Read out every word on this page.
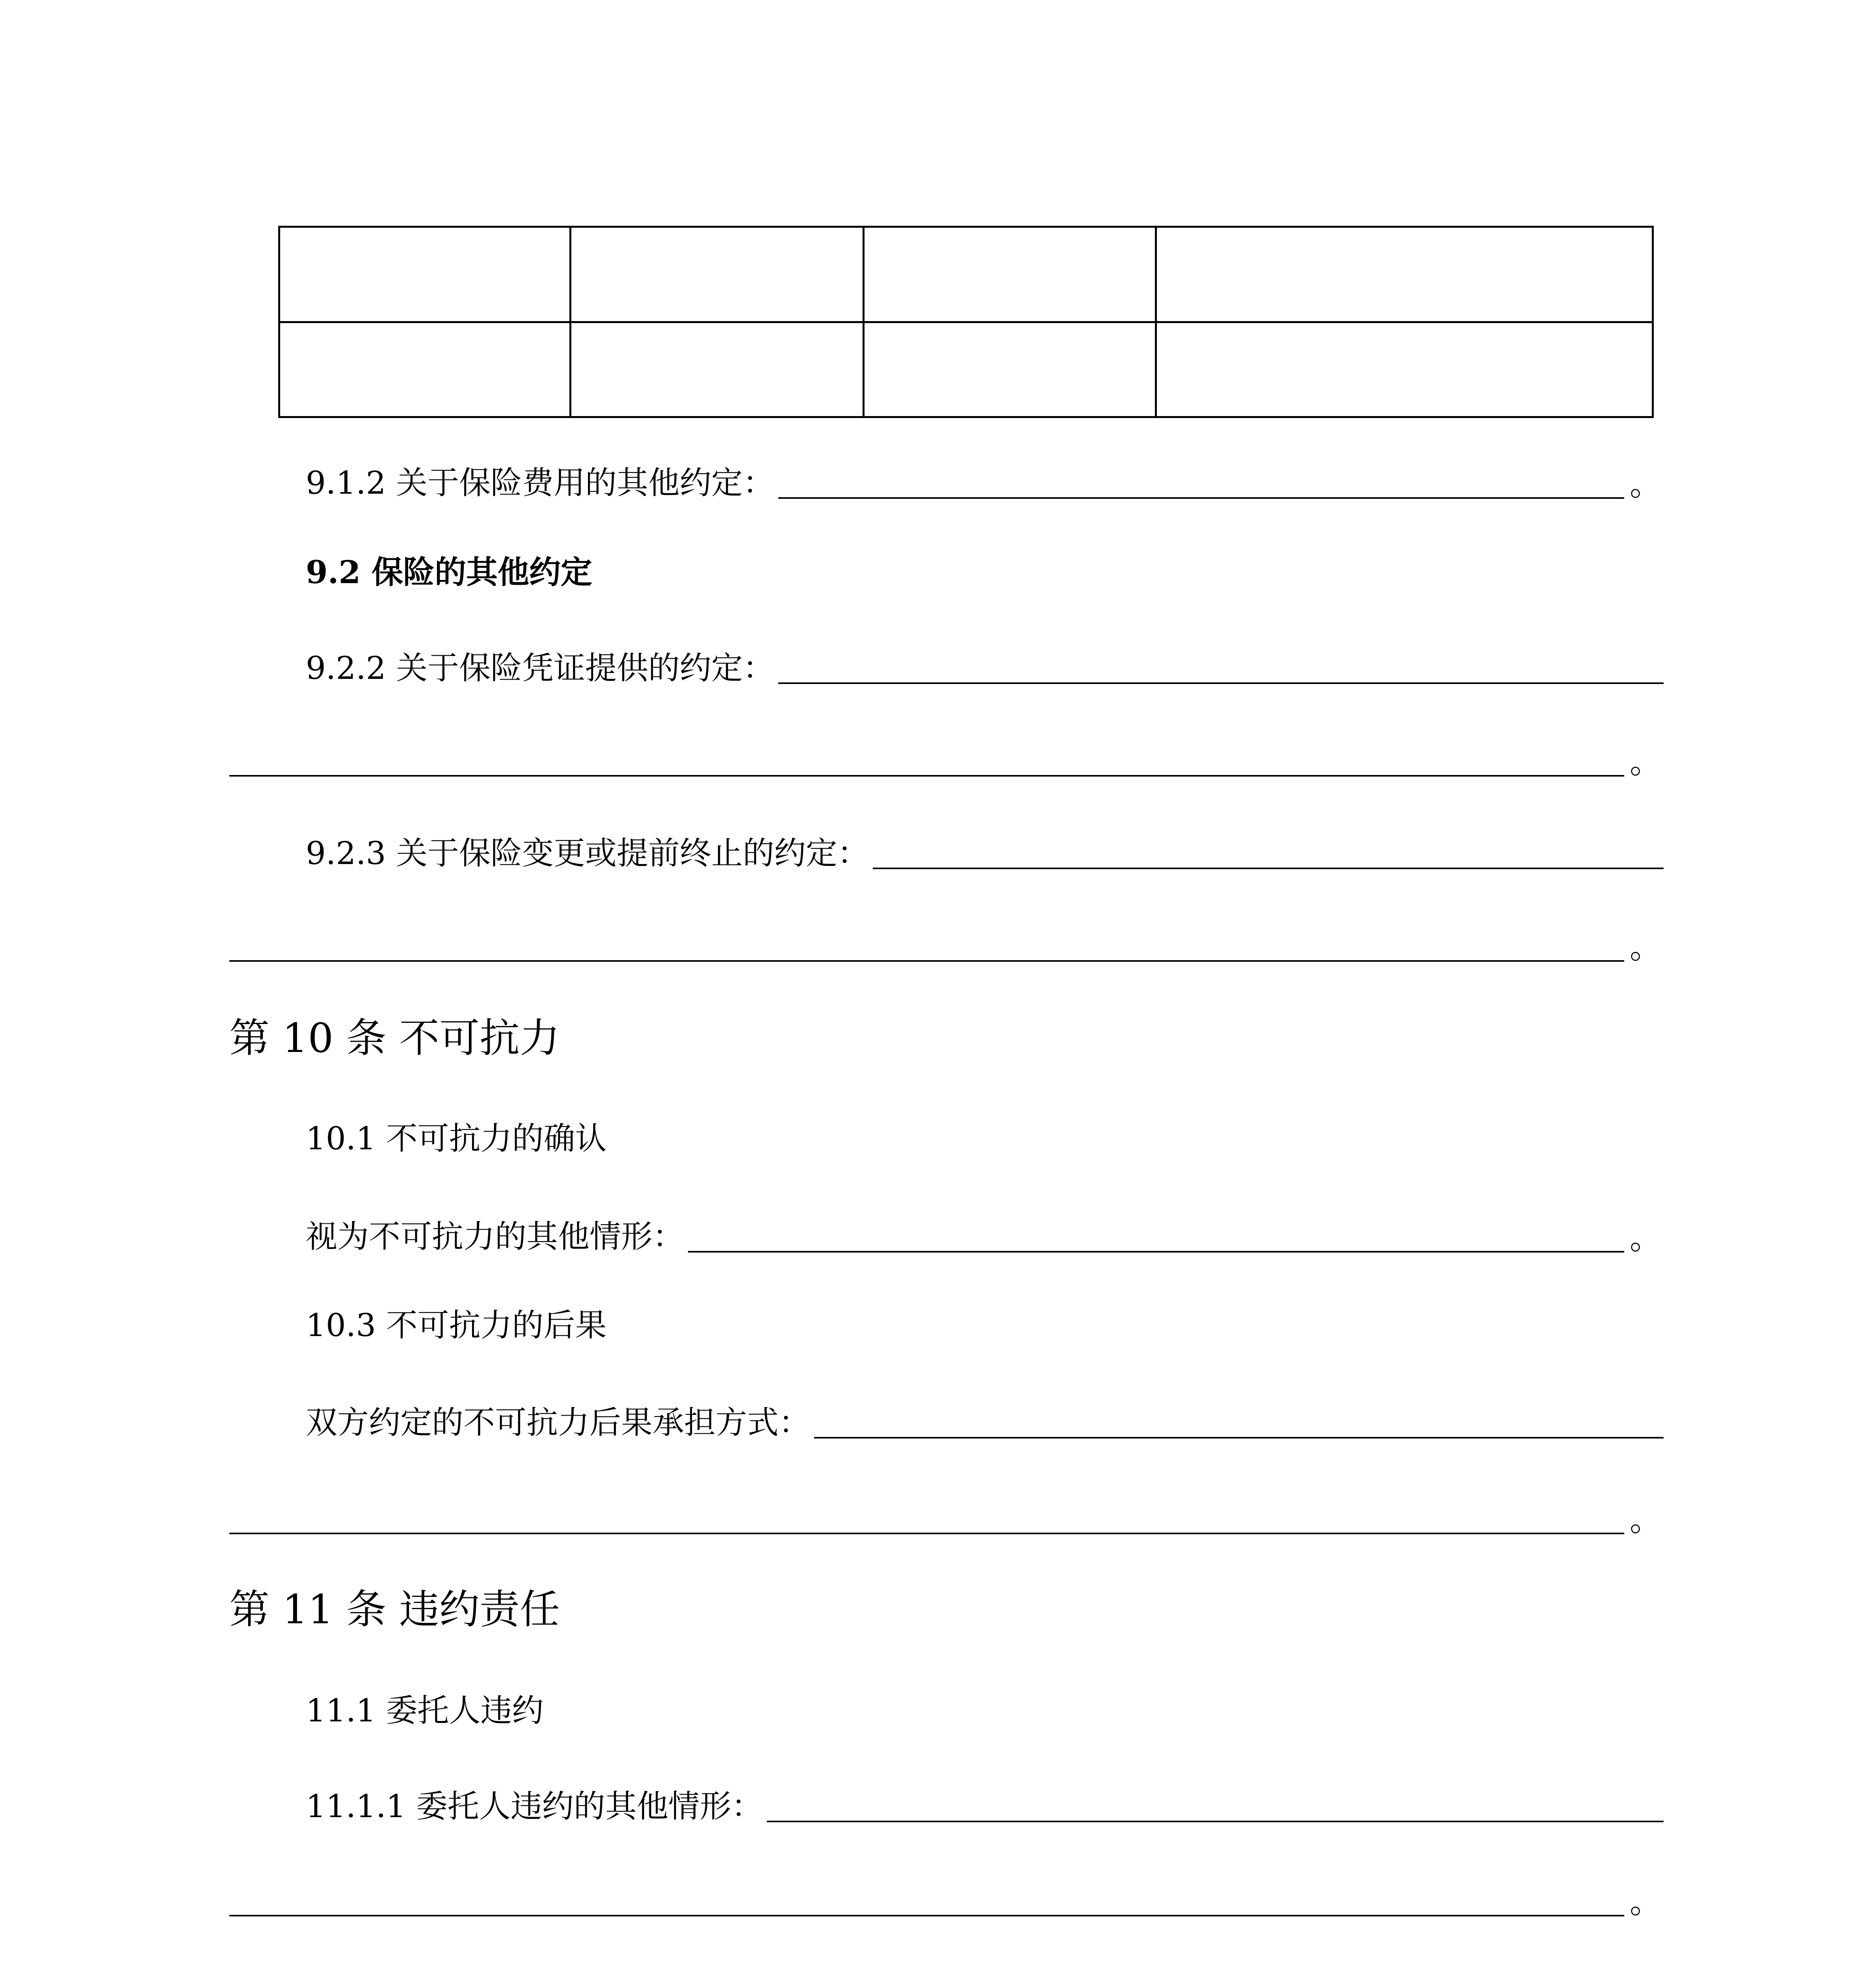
9.1.2 关于保险费用的其他约定：	。
9.2 保险的其他约定
9.2.2 关于保险凭证提供的约定：
。
9.2.3 关于保险变更或提前终止的约定：
。
第 10 条 不可抗力
10.1 不可抗力的确认
视为不可抗力的其他情形：	。
10.3 不可抗力的后果
双方约定的不可抗力后果承担方式：
。
第 11 条 违约责任
11.1 委托人违约
11.1.1 委托人违约的其他情形：
。
